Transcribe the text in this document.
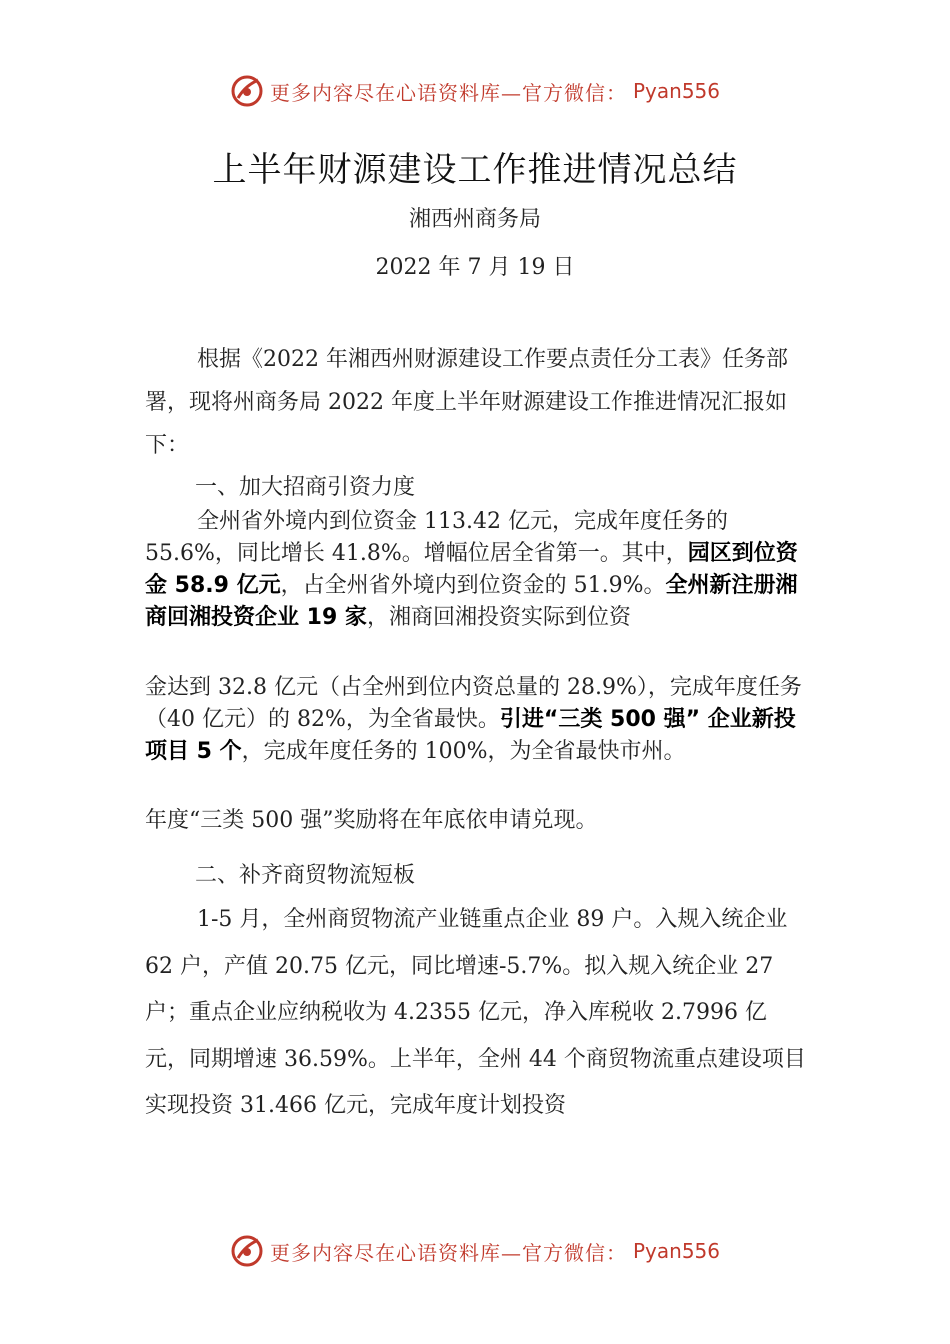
更多内容尽在心语资料库—官方微信： Pyan556
上半年财源建设工作推进情况总结
湘西州商务局
2022 年 7 月 19 日
根据《2022 年湘西州财源建设工作要点责任分工表》任务部署，现将州商务局 2022 年度上半年财源建设工作推进情况汇报如下：
一、加大招商引资力度
全州省外境内到位资金 113.42 亿元，完成年度任务的 55.6%，同比增长 41.8%。增幅位居全省第一。其中，园区到位资金 58.9 亿元，占全州省外境内到位资金的 51.9%。全州新注册湘商回湘投资企业 19 家，湘商回湘投资实际到位资
金达到 32.8 亿元（占全州到位内资总量的 28.9%），完成年度任务（40 亿元）的 82%，为全省最快。引进“三类 500 强” 企业新投项目 5 个，完成年度任务的 100%，为全省最快市州。
年度“三类 500 强”奖励将在年底依申请兑现。
二、补齐商贸物流短板
1-5 月，全州商贸物流产业链重点企业 89 户。入规入统企业 62 户，产值 20.75 亿元，同比增速-5.7%。拟入规入统企业 27 户；重点企业应纳税收为 4.2355 亿元，净入库税收 2.7996 亿元，同期增速 36.59%。上半年，全州 44 个商贸物流重点建设项目实现投资 31.466 亿元，完成年度计划投资
更多内容尽在心语资料库—官方微信： Pyan556
